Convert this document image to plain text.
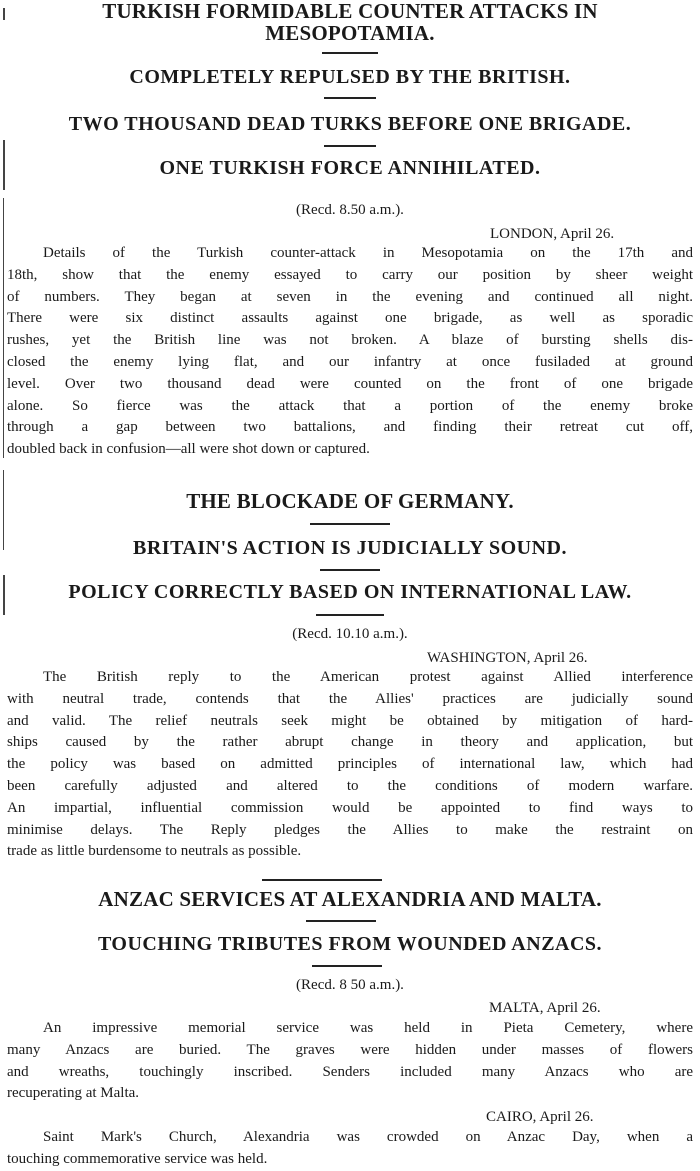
TURKISH FORMIDABLE COUNTER ATTACKS IN
MESOPOTAMIA.
COMPLETELY REPULSED BY THE BRITISH.
TWO THOUSAND DEAD TURKS BEFORE ONE BRIGADE.
ONE TURKISH FORCE ANNIHILATED.
(Recd. 8.50 a.m.).
LONDON, April 26.
Details of the Turkish counter-attack in Mesopotamia on the 17th and
18th, show that the enemy essayed to carry our position by sheer weight
of numbers. They began at seven in the evening and continued all night.
There were six distinct assaults against one brigade, as well as sporadic
rushes, yet the British line was not broken. A blaze of bursting shells dis-
closed the enemy lying flat, and our infantry at once fusiladed at ground
level. Over two thousand dead were counted on the front of one brigade
alone. So fierce was the attack that a portion of the enemy broke
through a gap between two battalions, and finding their retreat cut off,
doubled back in confusion—all were shot down or captured.
THE BLOCKADE OF GERMANY.
BRITAIN'S ACTION IS JUDICIALLY SOUND.
POLICY CORRECTLY BASED ON INTERNATIONAL LAW.
(Recd. 10.10 a.m.).
WASHINGTON, April 26.
The British reply to the American protest against Allied interference
with neutral trade, contends that the Allies' practices are judicially sound
and valid. The relief neutrals seek might be obtained by mitigation of hard-
ships caused by the rather abrupt change in theory and application, but
the policy was based on admitted principles of international law, which had
been carefully adjusted and altered to the conditions of modern warfare.
An impartial, influential commission would be appointed to find ways to
minimise delays. The Reply pledges the Allies to make the restraint on
trade as little burdensome to neutrals as possible.
ANZAC SERVICES AT ALEXANDRIA AND MALTA.
TOUCHING TRIBUTES FROM WOUNDED ANZACS.
(Recd. 8 50 a.m.).
MALTA, April 26.
An impressive memorial service was held in Pieta Cemetery, where
many Anzacs are buried. The graves were hidden under masses of flowers
and wreaths, touchingly inscribed. Senders included many Anzacs who are
recuperating at Malta.
CAIRO, April 26.
Saint Mark's Church, Alexandria was crowded on Anzac Day, when a
touching commemorative service was held.
